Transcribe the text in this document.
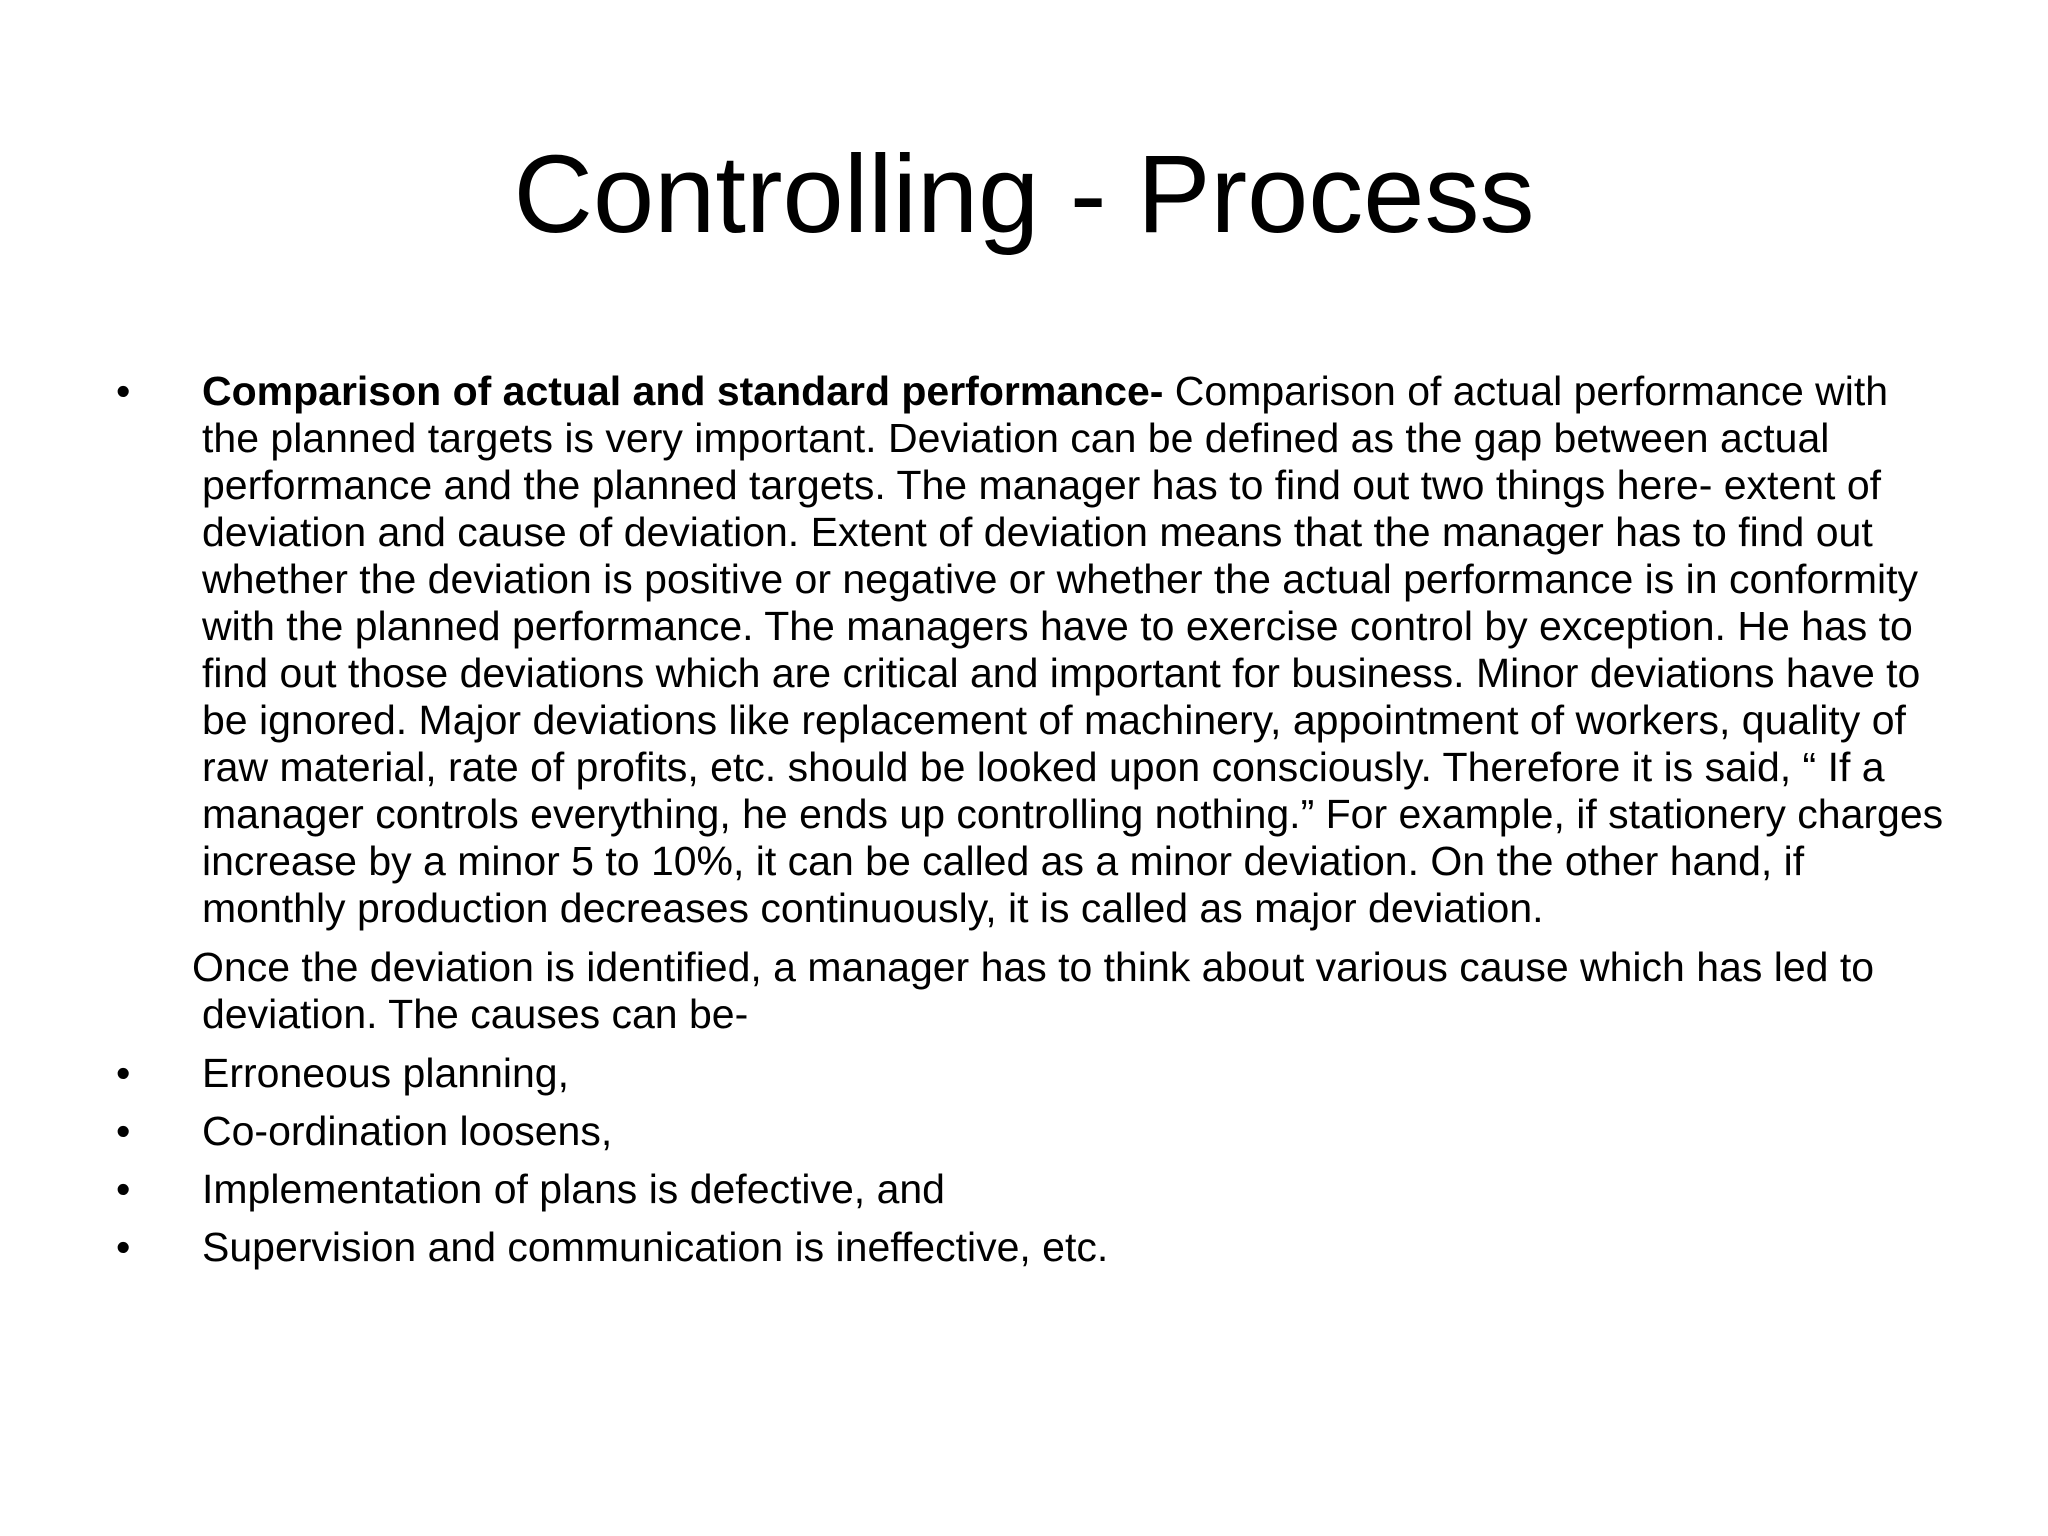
Controlling - Process
•	Comparison of actual and standard performance- Comparison of actual performance with the planned targets is very important. Deviation can be defined as the gap between actual performance and the planned targets. The manager has to find out two things here- extent of deviation and cause of deviation. Extent of deviation means that the manager has to find out whether the deviation is positive or negative or whether the actual performance is in conformity with the planned performance. The managers have to exercise control by exception. He has to find out those deviations which are critical and important for business. Minor deviations have to be ignored. Major deviations like replacement of machinery, appointment of workers, quality of raw material, rate of profits, etc. should be looked upon consciously. Therefore it is said, “ If a manager controls everything, he ends up controlling nothing.” For example, if stationery charges increase by a minor 5 to 10%, it can be called as a minor deviation. On the other hand, if monthly production decreases continuously, it is called as major deviation.

Once the deviation is identified, a manager has to think about various cause which has led to deviation. The causes can be-
•	Erroneous planning,
•	Co-ordination loosens,
•	Implementation of plans is defective, and
•	Supervision and communication is ineffective, etc.
